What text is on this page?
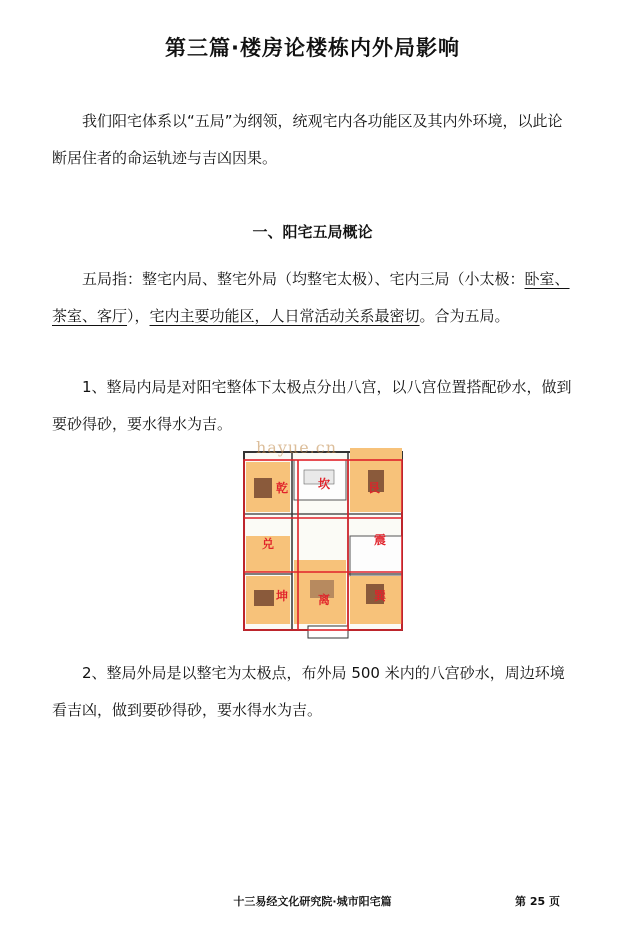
第三篇·楼房论楼栋内外局影响

我们阳宅体系以“五局”为纲领，统观宅内各功能区及其内外环境，以此论断居住者的命运轨迹与吉凶因果。

一、阳宅五局概论

五局指：整宅内局、整宅外局（均整宅太极）、宅内三局（小太极：卧室、茶室、客厅），宅内主要功能区，人日常活动关系最密切。合为五局。

1、整局内局是对阳宅整体下太极点分出八宫，以八宫位置搭配砂水，做到要砂得砂，要水得水为吉。

乾 坎	艮
兑	震
坤 离	巽
hayue.cn

2、整局外局是以整宅为太极点，布外局 500 米内的八宫砂水，周边环境看吉凶，做到要砂得砂，要水得水为吉。

十三易经文化研究院·城市阳宅篇	第 25 页
